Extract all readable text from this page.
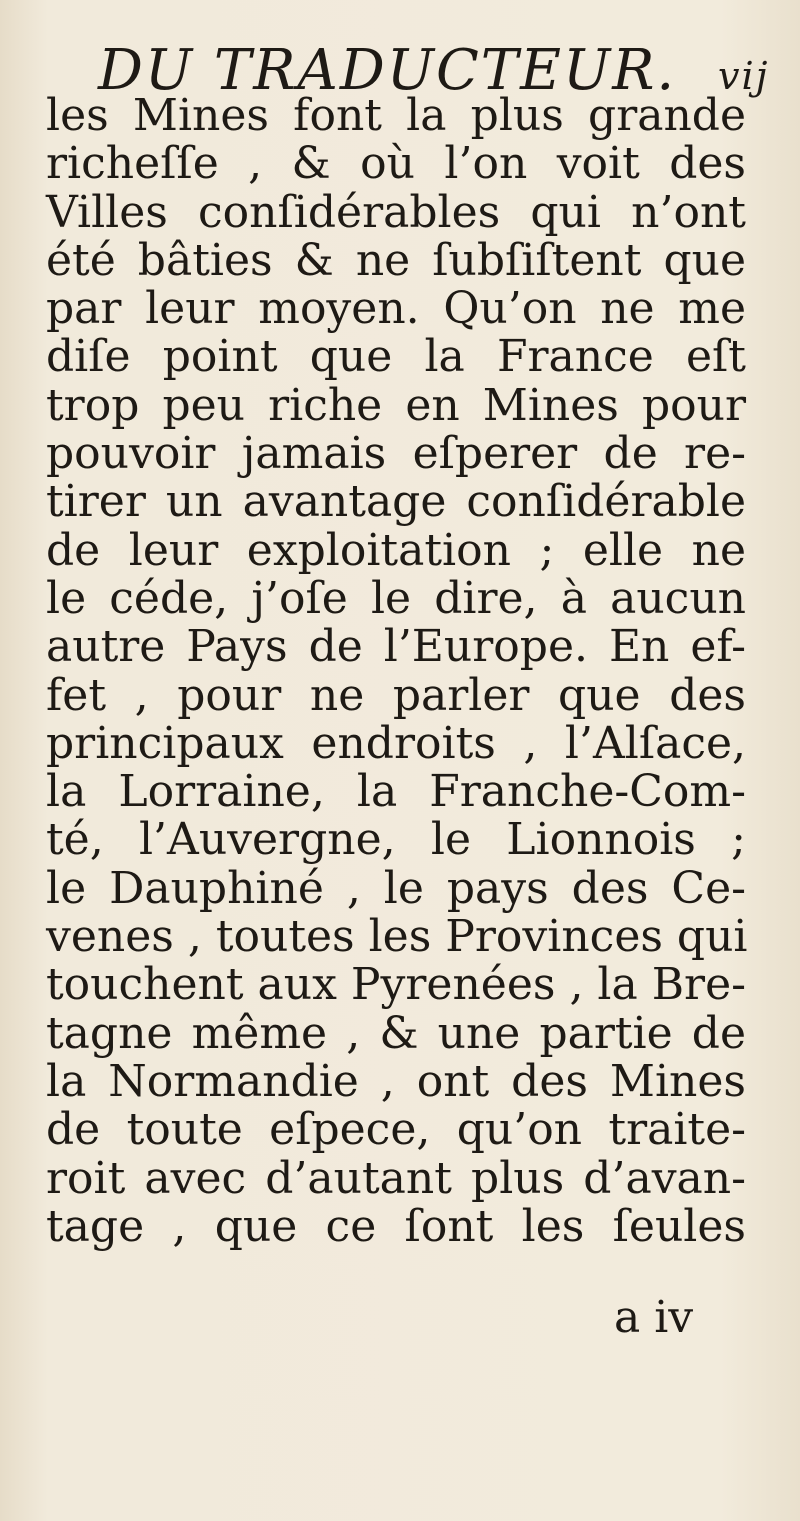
DU TRADUCTEUR. vij
les Mines font la plus grande
richeſſe , & où l’on voit des
Villes conſidérables qui n’ont
été bâties & ne ſubſiſtent que
par leur moyen. Qu’on ne me
diſe point que la France eſt
trop peu riche en Mines pour
pouvoir jamais eſperer de re-
tirer un avantage conſidérable
de leur exploitation ; elle ne
le céde, j’oſe le dire, à aucun
autre Pays de l’Europe. En ef-
fet , pour ne parler que des
principaux endroits , l’Alſace,
la Lorraine, la Franche-Com-
té, l’Auvergne, le Lionnois ;
le Dauphiné , le pays des Ce-
venes , toutes les Provinces qui
touchent aux Pyrenées , la Bre-
tagne même , & une partie de
la Normandie , ont des Mines
de toute eſpece, qu’on traite-
roit avec d’autant plus d’avan-
tage , que ce ſont les ſeules
a iv
